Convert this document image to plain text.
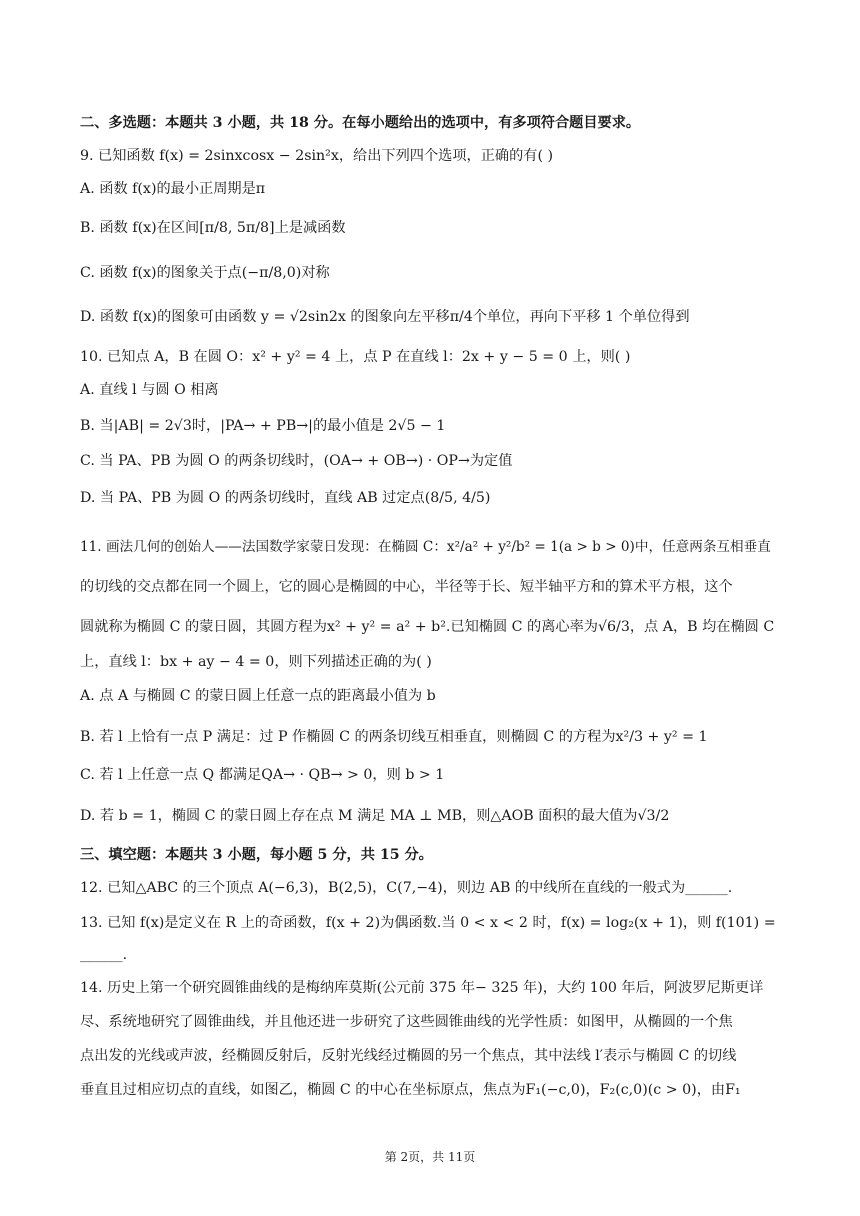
二、多选题：本题共 3 小题，共 18 分。在每小题给出的选项中，有多项符合题目要求。
9. 已知函数 f(x) = 2sinxcosx − 2sin²x，给出下列四个选项，正确的有( )
A. 函数 f(x)的最小正周期是π
B. 函数 f(x)在区间[π/8, 5π/8]上是减函数
C. 函数 f(x)的图象关于点(−π/8,0)对称
D. 函数 f(x)的图象可由函数 y = √2sin2x 的图象向左平移π/4个单位，再向下平移 1 个单位得到
10. 已知点 A，B 在圆 O：x² + y² = 4 上，点 P 在直线 l：2x + y − 5 = 0 上，则( )
A. 直线 l 与圆 O 相离
B. 当|AB| = 2√3时，|PA→ + PB→|的最小值是 2√5 − 1
C. 当 PA、PB 为圆 O 的两条切线时，(OA→ + OB→) · OP→为定值
D. 当 PA、PB 为圆 O 的两条切线时，直线 AB 过定点(8/5, 4/5)
11. 画法几何的创始人——法国数学家蒙日发现：在椭圆 C：x²/a² + y²/b² = 1(a > b > 0)中，任意两条互相垂直
的切线的交点都在同一个圆上，它的圆心是椭圆的中心，半径等于长、短半轴平方和的算术平方根，这个
圆就称为椭圆 C 的蒙日圆，其圆方程为x² + y² = a² + b².已知椭圆 C 的离心率为√6/3，点 A，B 均在椭圆 C
上，直线 l：bx + ay − 4 = 0，则下列描述正确的为( )
A. 点 A 与椭圆 C 的蒙日圆上任意一点的距离最小值为 b
B. 若 l 上恰有一点 P 满足：过 P 作椭圆 C 的两条切线互相垂直，则椭圆 C 的方程为x²/3 + y² = 1
C. 若 l 上任意一点 Q 都满足QA→ · QB→ > 0，则 b > 1
D. 若 b = 1，椭圆 C 的蒙日圆上存在点 M 满足 MA ⊥ MB，则△AOB 面积的最大值为√3/2
三、填空题：本题共 3 小题，每小题 5 分，共 15 分。
12. 已知△ABC 的三个顶点 A(−6,3)，B(2,5)，C(7,−4)，则边 AB 的中线所在直线的一般式为______.
13. 已知 f(x)是定义在 R 上的奇函数，f(x + 2)为偶函数.当 0 < x < 2 时，f(x) = log₂(x + 1)，则 f(101) =
______.
14. 历史上第一个研究圆锥曲线的是梅纳库莫斯(公元前 375 年− 325 年)，大约 100 年后，阿波罗尼斯更详
尽、系统地研究了圆锥曲线，并且他还进一步研究了这些圆锥曲线的光学性质：如图甲，从椭圆的一个焦
点出发的光线或声波，经椭圆反射后，反射光线经过椭圆的另一个焦点，其中法线 l′表示与椭圆 C 的切线
垂直且过相应切点的直线，如图乙，椭圆 C 的中心在坐标原点，焦点为F₁(−c,0)，F₂(c,0)(c > 0)，由F₁
第 2页，共 11页
